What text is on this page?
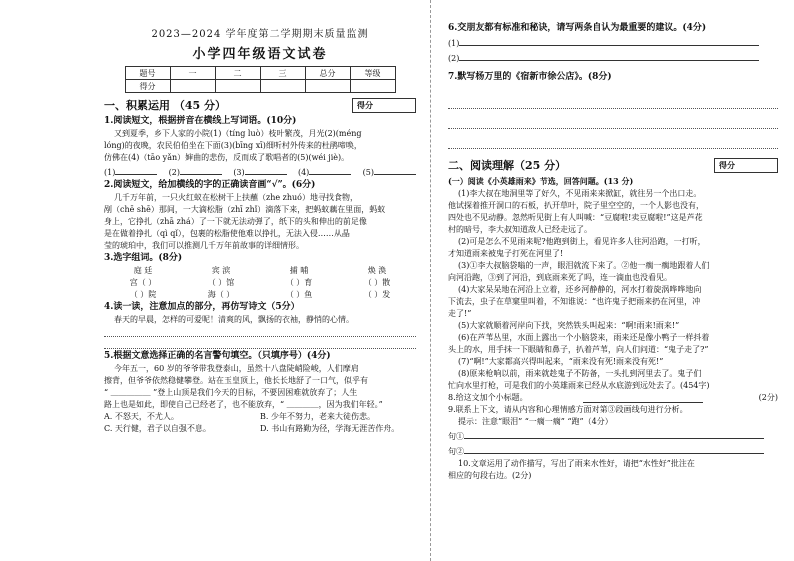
2023—2024 学年度第二学期期末质量监测

小学四年级语文试卷

题号	一	二	三	总分	等级
得分					
一、积累运用 （45 分）	得分

1.阅读短文，根据拼音在横线上写词语。(10分)

又到夏季，乡下人家的小院(1)（tíng luò）枝叶繁茂，月光(2)(méng

lóng)的夜晚，农民伯伯坐在下面(3)(bīng xī)细听村外传来的杜鹃啼唤，

仿佛在(4)（tāo yǎn）婶曲的悲伤，反而成了歌唱者的(5)(wéi jiè)。

(1)	(2)	(3)	(4)	(5)

2.阅读短文，给加横线的字的正确读音画“√”。(6分)

几千万年前，一只火红蚁在松树干上扶蘸（zhe zhuó）地寻找食物，

剐（chē shē）那间，一大滴松脂（zhī zhǐ）滴落下来，把蚂蚁藕在里面，蚂蚁

身上，它挣扎（zhā zhá）了一下就无法动弹了，纸下的头和伸出的前足像

是在做着挣扎（qì qǐ），包裹的松脂使他难以挣扎，无法入侵……从晶

莹的琥珀中，我们可以推测几千万年前故事的详细情形。

3.选字组词。(8分)

庭 廷	宾 滨	捕 哺	焕 涣
宫（ ）	（ ）馆	（ ）育	（ ）散
（ ）院	海（ ）	（ ）鱼	（ ）发

4.读一读，注意加点的部分，再仿写诗文（5分）

春天的早晨，怎样的可爱呢！清爽的风，飘扬的衣袖，静悄的心情。

5.根据文意选择正确的名言警句填空。（只填序号）(4分)

今年五一，60 岁的爷爷带我登泰山，虽然十八盘陡峭险峻，人们摩肩

擦背，但爷爷依然稳健攀登。站在玉皇顶上，他长长地舒了一口气，似乎有

“ ＿＿＿＿＿ ”登上山顶是我们今天的目标，不要因困难就放弃了；人生

路上也是如此，即使自己已经老了，也不能放弃，“ ＿＿＿＿，因为我们年轻。”

A. 不怒天，不尤人。	B. 少年不努力，老来大徒伤悲。
C. 天行健，君子以自强不息。	D. 书山有路勤为径，学海无涯苦作舟。

6.交朋友都有标准和秘诀，请写两条自认为最重要的建议。(4分)

(1)
(2)

7.默写杨万里的《宿新市徐公店》。(8分)

二、阅读理解（25 分）	得分

(一）阅读《小英雄雨来》节选，回答问题。(13 分)

(1)李大叔在地洞里等了好久，不见雨来来掀缸，就往另一个出口走。

他试探着推开洞口的石板，扒开草叶，院子里空空的，一个人影也没有，

四处也不见动静。忽然听见街上有人叫喊：“豆腐啦!卖豆腐啦!”这是芦花

村的暗号，李大叔知道敌人已经走远了。

(2)可是怎么不见雨来呢?他跑到街上，看见许多人往河沿跑，一打听，

才知道雨来被鬼子打死在河里了!

(3)①李大叔脑袋嗡的一声，眼泪就流下来了。②他一瘸一瘸地跟着人们

向河沿跑，③到了河沿，到底雨来死了吗，连一滴血也没看见。

(4)大家呆呆地在河沿上立着，还乡河静静的，河水打着旋涡哗哗地向

下流去，虫子在草窠里叫着，不知谁说：“也许鬼子把雨来扔在河里，冲

走了!”

(5)大家就顺着河岸向下找，突然铁头叫起来：“啊!雨来!雨来!”

(6)在芦苇丛里，水面上露出一个小脑袋来，雨来还是像小鸭子一样抖着

头上的水，用手抹一下眼睛和鼻子，扒着芦苇，向人们问道：“鬼子走了?”

(7)“啊!”大家都高兴得叫起来，“雨来没有死!雨来没有死!”

(8)原来枪响以前，雨来就趁鬼子不防备，一头扎到河里去了。鬼子们

忙向水里打枪，可是我们的小英雄雨来已经从水底游到远处去了。(454字)

8.给这文加个小标题。	(2分)

9.联系上下文，请从内容和心理情感方面对第③段画线句进行分析。

提示：注意“眼泪” “一瘸一瘸” “跑”（4分）

句①
句②

10.文章运用了动作描写，写出了雨来水性好，请把“水性好”批注在

相应的句段右边。(2分)
